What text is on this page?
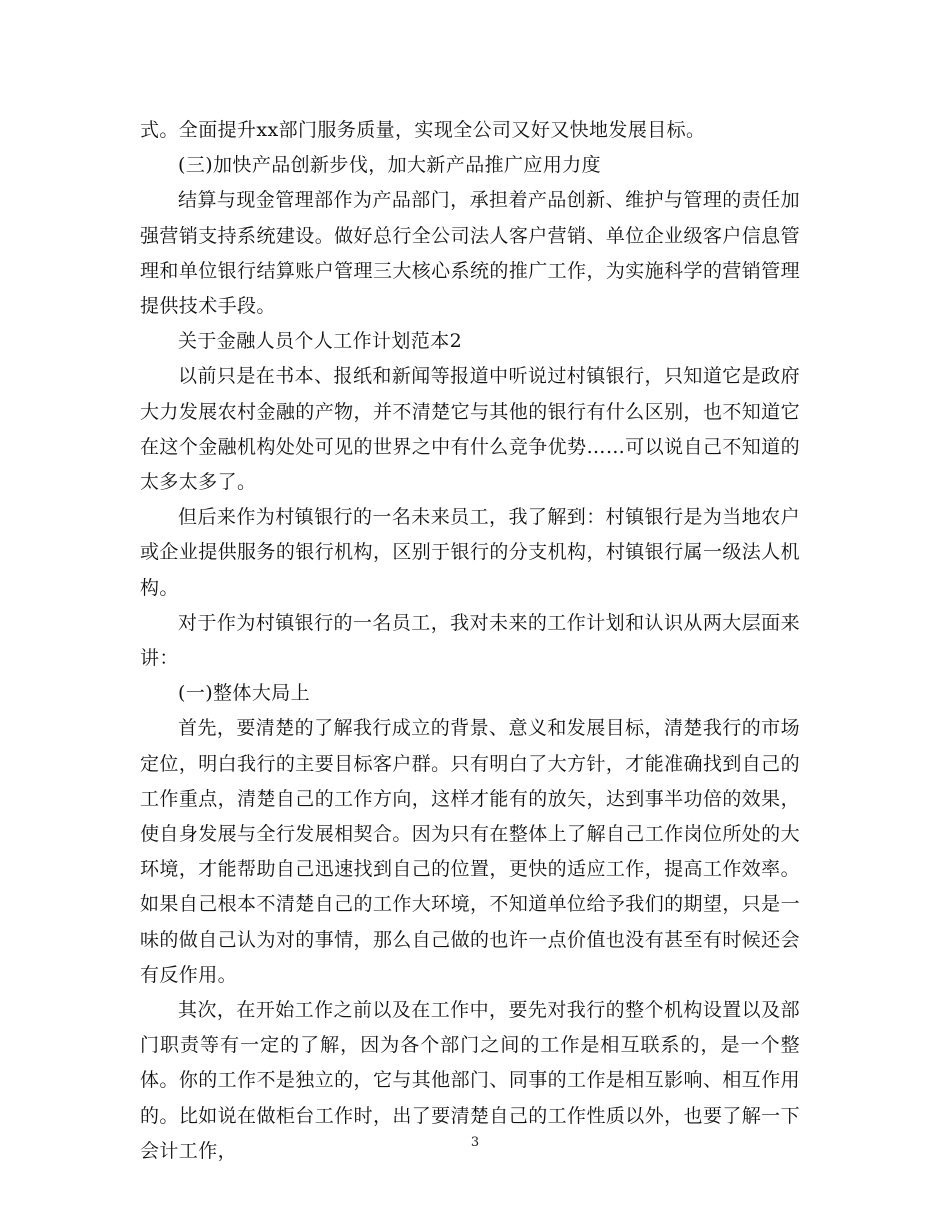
式。全面提升xx部门服务质量，实现全公司又好又快地发展目标。

(三)加快产品创新步伐，加大新产品推广应用力度

结算与现金管理部作为产品部门，承担着产品创新、维护与管理的责任加强营销支持系统建设。做好总行全公司法人客户营销、单位企业级客户信息管理和单位银行结算账户管理三大核心系统的推广工作，为实施科学的营销管理提供技术手段。

关于金融人员个人工作计划范本2

以前只是在书本、报纸和新闻等报道中听说过村镇银行，只知道它是政府大力发展农村金融的产物，并不清楚它与其他的银行有什么区别，也不知道它在这个金融机构处处可见的世界之中有什么竞争优势……可以说自己不知道的太多太多了。

但后来作为村镇银行的一名未来员工，我了解到：村镇银行是为当地农户或企业提供服务的银行机构，区别于银行的分支机构，村镇银行属一级法人机构。

对于作为村镇银行的一名员工，我对未来的工作计划和认识从两大层面来讲：

(一)整体大局上

首先，要清楚的了解我行成立的背景、意义和发展目标，清楚我行的市场定位，明白我行的主要目标客户群。只有明白了大方针，才能准确找到自己的工作重点，清楚自己的工作方向，这样才能有的放矢，达到事半功倍的效果，使自身发展与全行发展相契合。因为只有在整体上了解自己工作岗位所处的大环境，才能帮助自己迅速找到自己的位置，更快的适应工作，提高工作效率。如果自己根本不清楚自己的工作大环境，不知道单位给予我们的期望，只是一味的做自己认为对的事情，那么自己做的也许一点价值也没有甚至有时候还会有反作用。

其次，在开始工作之前以及在工作中，要先对我行的整个机构设置以及部门职责等有一定的了解，因为各个部门之间的工作是相互联系的，是一个整体。你的工作不是独立的，它与其他部门、同事的工作是相互影响、相互作用的。比如说在做柜台工作时，出了要清楚自己的工作性质以外，也要了解一下会计工作，	3
